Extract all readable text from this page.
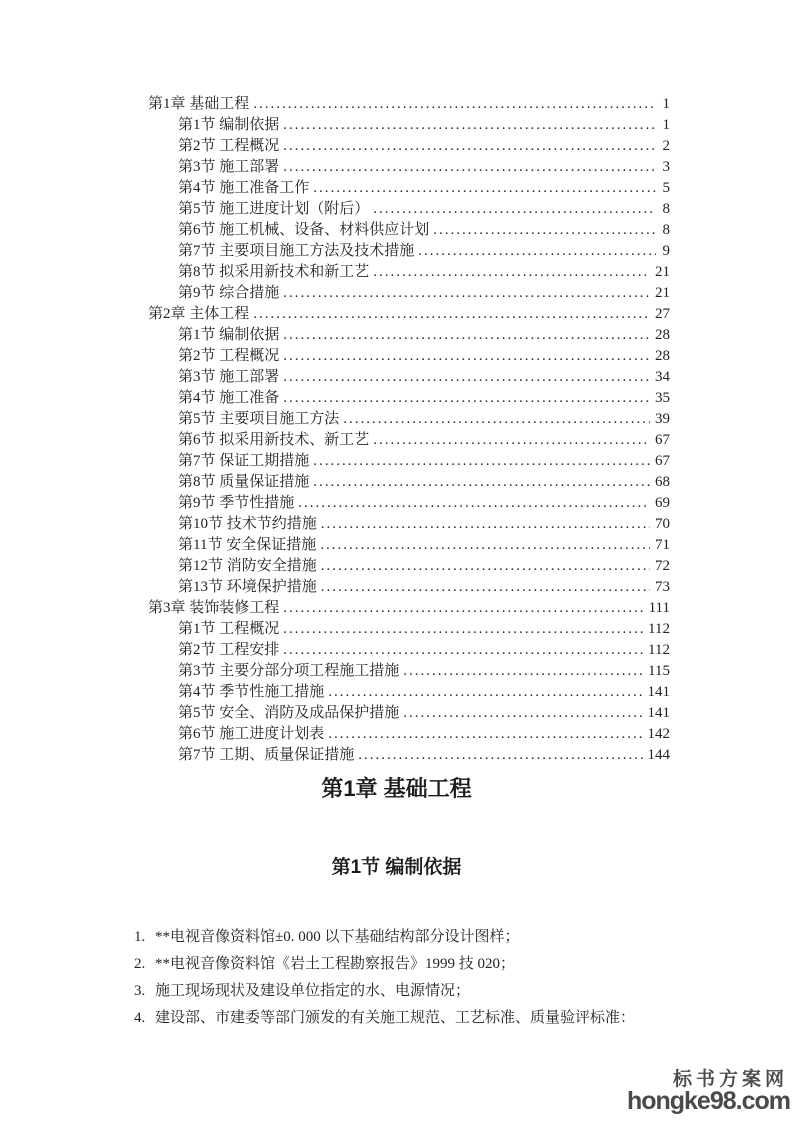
第1章 基础工程 .....	1
第1节 编制依据 .....	1
第2节 工程概况 .....	2
第3节 施工部署 .....	3
第4节 施工准备工作 .....	5
第5节 施工进度计划（附后） .....	8
第6节 施工机械、设备、材料供应计划 .....	8
第7节 主要项目施工方法及技术措施 .....	9
第8节 拟采用新技术和新工艺 .....	21
第9节 综合措施 .....	21
第2章 主体工程 .....	27
第1节 编制依据 .....	28
第2节 工程概况 .....	28
第3节 施工部署 .....	34
第4节 施工准备 .....	35
第5节 主要项目施工方法 .....	39
第6节 拟采用新技术、新工艺 .....	67
第7节 保证工期措施 .....	67
第8节 质量保证措施 .....	68
第9节 季节性措施 .....	69
第10节 技术节约措施 .....	70
第11节 安全保证措施 .....	71
第12节 消防安全措施 .....	72
第13节 环境保护措施 .....	73
第3章 装饰装修工程 .....	111
第1节 工程概况 .....	112
第2节 工程安排 .....	112
第3节 主要分部分项工程施工措施 .....	115
第4节 季节性施工措施 .....	141
第5节 安全、消防及成品保护措施 .....	141
第6节 施工进度计划表 .....	142
第7节 工期、质量保证措施 .....	144
第1章 基础工程
第1节 编制依据
1. **电视音像资料馆±0. 000 以下基础结构部分设计图样；
2. **电视音像资料馆《岩土工程勘察报告》1999 技 020；
3. 施工现场现状及建设单位指定的水、电源情况；
4. 建设部、市建委等部门颁发的有关施工规范、工艺标准、质量验评标准：
标书方案网
hongke98.com
